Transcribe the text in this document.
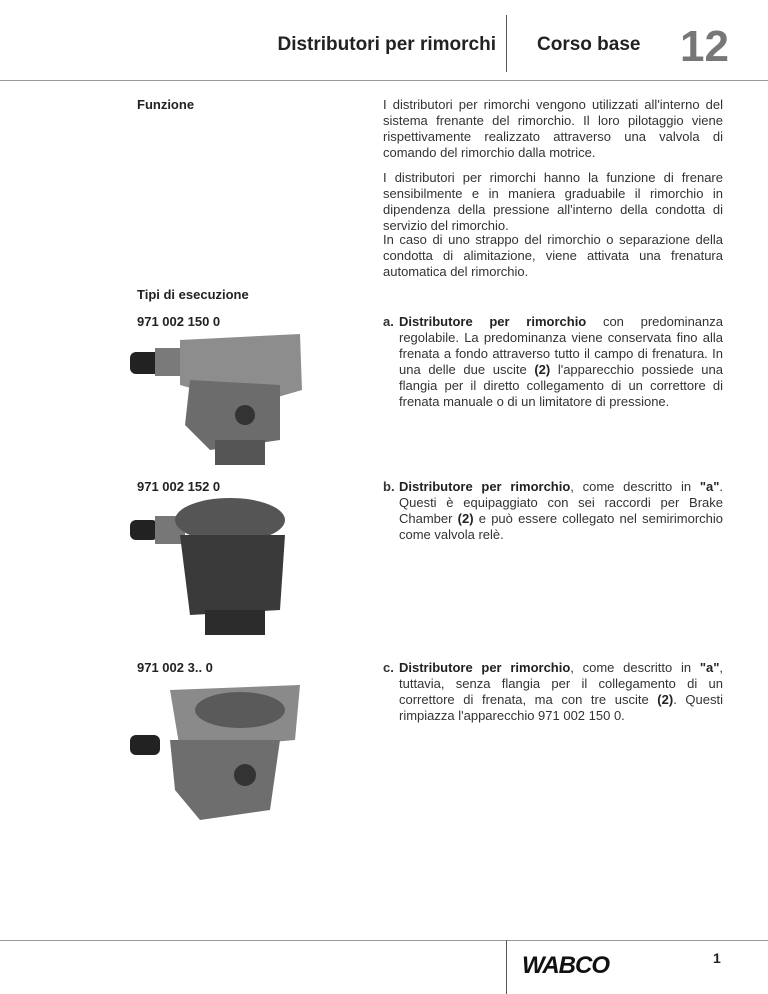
Distributori per rimorchi Corso base 12
Funzione	I distributori per rimorchi vengono utilizzati all'interno del sistema frenante del rimorchio. Il loro pilotaggio viene rispettivamente realizzato attraverso una valvola di comando del rimorchio dalla motrice.
I distributori per rimorchi hanno la funzione di frenare sensibilmente e in maniera graduabile il rimorchio in dipendenza della pressione all'interno della condotta di servizio del rimorchio.
In caso di uno strappo del rimorchio o separazione della condotta di alimitazione, viene attivata una frenatura automatica del rimorchio.
Tipi di esecuzione
971 002 150 0	a. Distributore per rimorchio con predominanza regolabile. La predominanza viene conservata fino alla frenata a fondo attraverso tutto il campo di frenatura. In una delle due uscite (2) l'apparecchio possiede una flangia per il diretto collegamento di un correttore di frenata manuale o di un limitatore di pressione.
971 002 152 0	b. Distributore per rimorchio, come descritto in "a". Questi è equipaggiato con sei raccordi per Brake Chamber (2) e può essere collegato nel semirimorchio come valvola relè.
971 002 3.. 0	c. Distributore per rimorchio, come descritto in "a", tuttavia, senza flangia per il collegamento di un correttore di frenata, ma con tre uscite (2). Questi rimpiazza l'apparecchio 971 002 150 0.
WABCO	1
